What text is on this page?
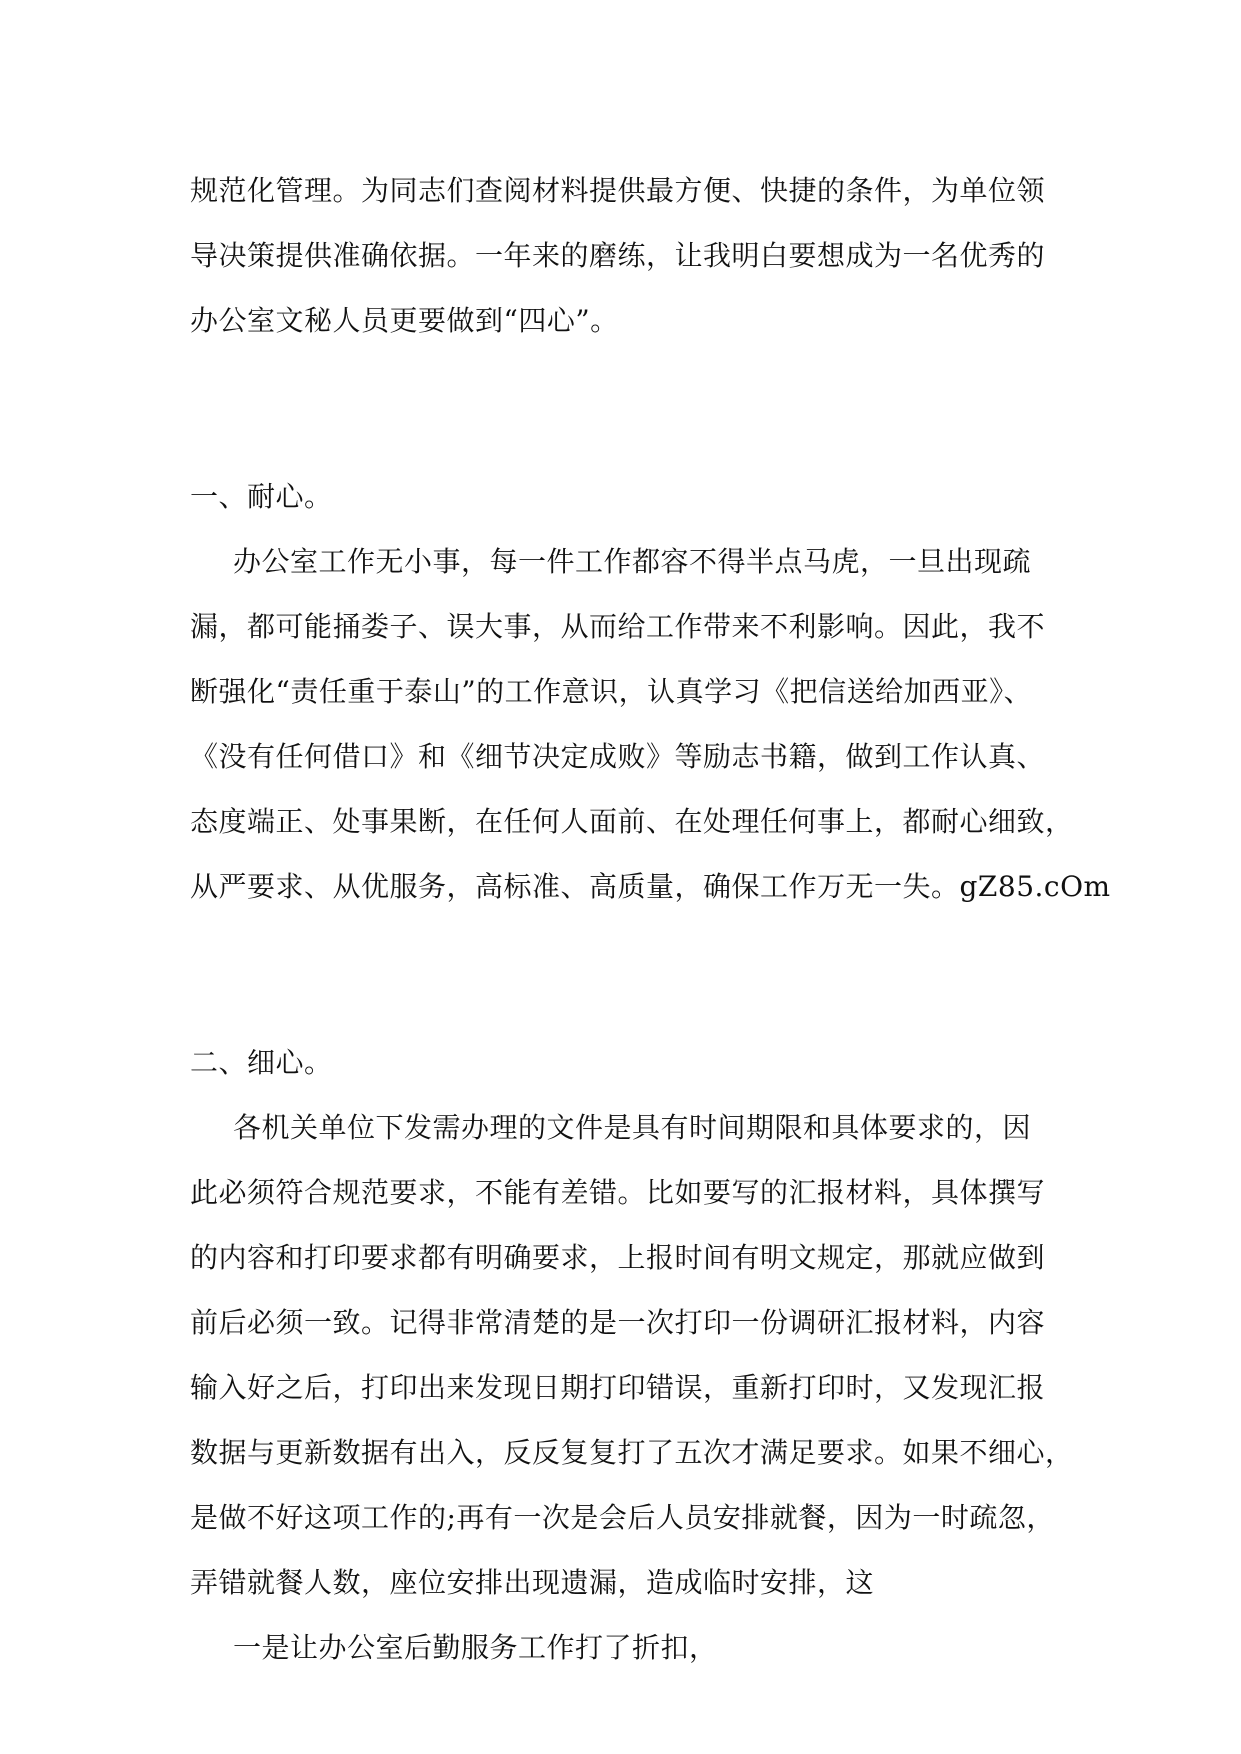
规范化管理。为同志们查阅材料提供最方便、快捷的条件，为单位领
导决策提供准确依据。一年来的磨练，让我明白要想成为一名优秀的
办公室文秘人员更要做到“四心”。
一、耐心。
办公室工作无小事，每一件工作都容不得半点马虎，一旦出现疏
漏，都可能捅娄子、误大事，从而给工作带来不利影响。因此，我不
断强化“责任重于泰山”的工作意识，认真学习《把信送给加西亚》、
《没有任何借口》和《细节决定成败》等励志书籍，做到工作认真、
态度端正、处事果断，在任何人面前、在处理任何事上，都耐心细致，
从严要求、从优服务，高标准、高质量，确保工作万无一失。gZ85.cOm
二、细心。
各机关单位下发需办理的文件是具有时间期限和具体要求的，因
此必须符合规范要求，不能有差错。比如要写的汇报材料，具体撰写
的内容和打印要求都有明确要求，上报时间有明文规定，那就应做到
前后必须一致。记得非常清楚的是一次打印一份调研汇报材料，内容
输入好之后，打印出来发现日期打印错误，重新打印时，又发现汇报
数据与更新数据有出入，反反复复打了五次才满足要求。如果不细心，
是做不好这项工作的;再有一次是会后人员安排就餐，因为一时疏忽，
弄错就餐人数，座位安排出现遗漏，造成临时安排，这
一是让办公室后勤服务工作打了折扣，
